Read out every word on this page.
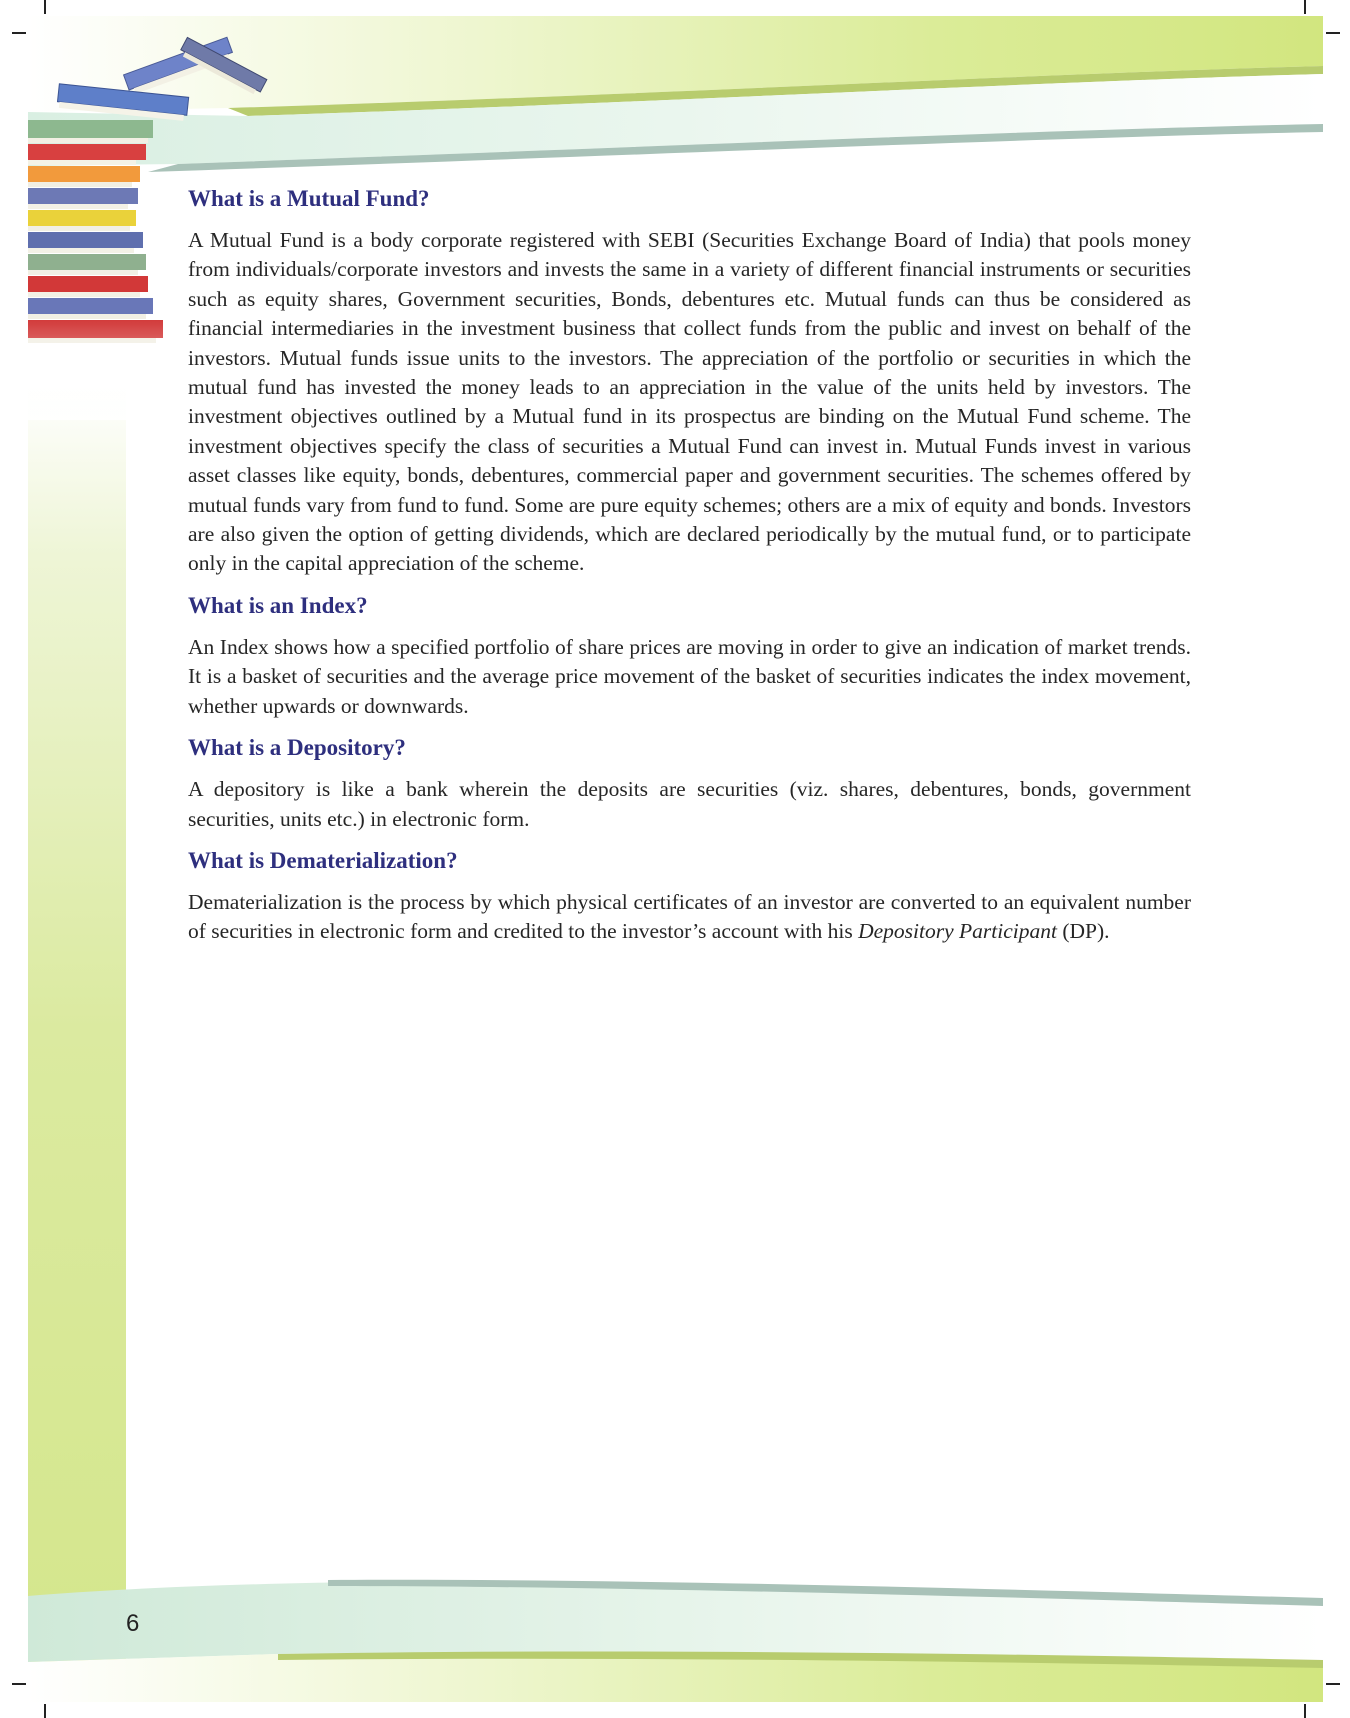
6
What is a Mutual Fund?

A Mutual Fund is a body corporate registered with SEBI (Securities Exchange Board of India) that pools money from individuals/corporate investors and invests the same in a variety of different financial instruments or securities such as equity shares, Government securities, Bonds, debentures etc. Mutual funds can thus be considered as financial intermediaries in the investment business that collect funds from the public and invest on behalf of the investors. Mutual funds issue units to the investors. The appreciation of the portfolio or securities in which the mutual fund has invested the money leads to an appreciation in the value of the units held by investors. The investment objectives outlined by a Mutual fund in its prospectus are binding on the Mutual Fund scheme. The investment objectives specify the class of securities a Mutual Fund can invest in. Mutual Funds invest in various asset classes like equity, bonds, debentures, commercial paper and government securities. The schemes offered by mutual funds vary from fund to fund. Some are pure equity schemes; others are a mix of equity and bonds. Investors are also given the option of getting dividends, which are declared periodically by the mutual fund, or to participate only in the capital appreciation of the scheme.

What is an Index?

An Index shows how a specified portfolio of share prices are moving in order to give an indication of market trends. It is a basket of securities and the average price movement of the basket of securities indicates the index movement, whether upwards or downwards.

What is a Depository?

A depository is like a bank wherein the deposits are securities (viz. shares, debentures, bonds, government securities, units etc.) in electronic form.

What is Dematerialization?

Dematerialization is the process by which physical certificates of an investor are converted to an equivalent number of securities in electronic form and credited to the investor’s account with his Depository Participant (DP).
